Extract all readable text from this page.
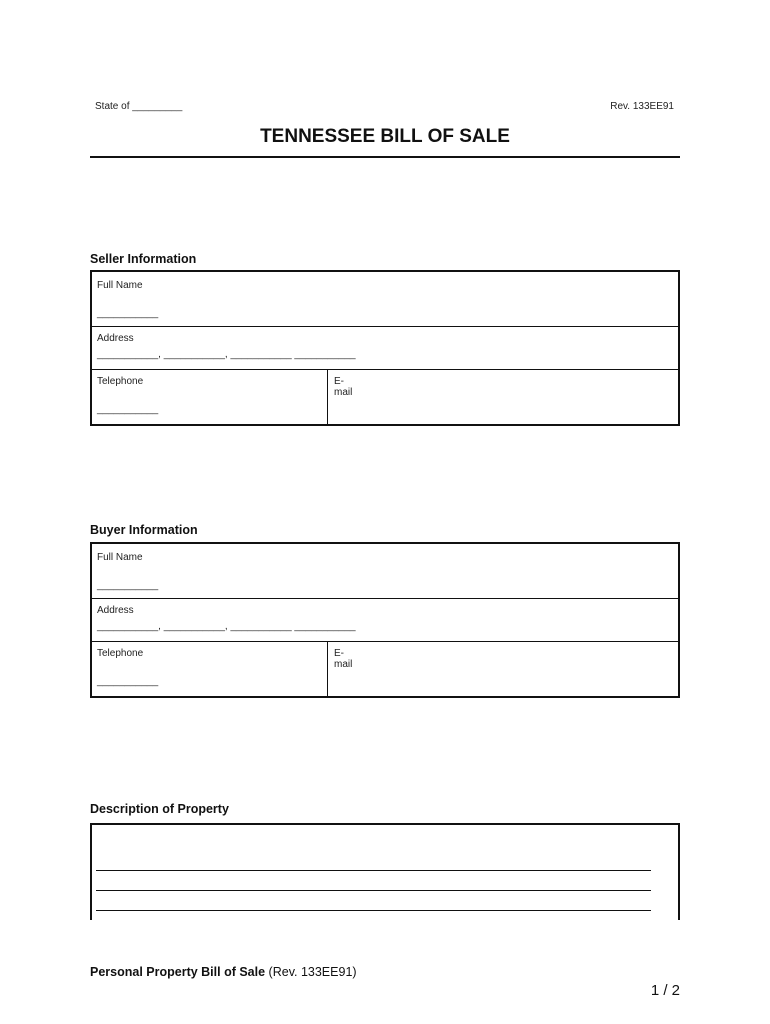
State of _________	Rev. 133EE91
TENNESSEE BILL OF SALE
Seller Information
Full Name
___________
Address
___________, ___________, ___________ ___________
Telephone
___________
E-mail
Buyer Information
Full Name
___________
Address
___________, ___________, ___________ ___________
Telephone
___________
E-mail
Description of Property
Personal Property Bill of Sale (Rev. 133EE91)
1 / 2
